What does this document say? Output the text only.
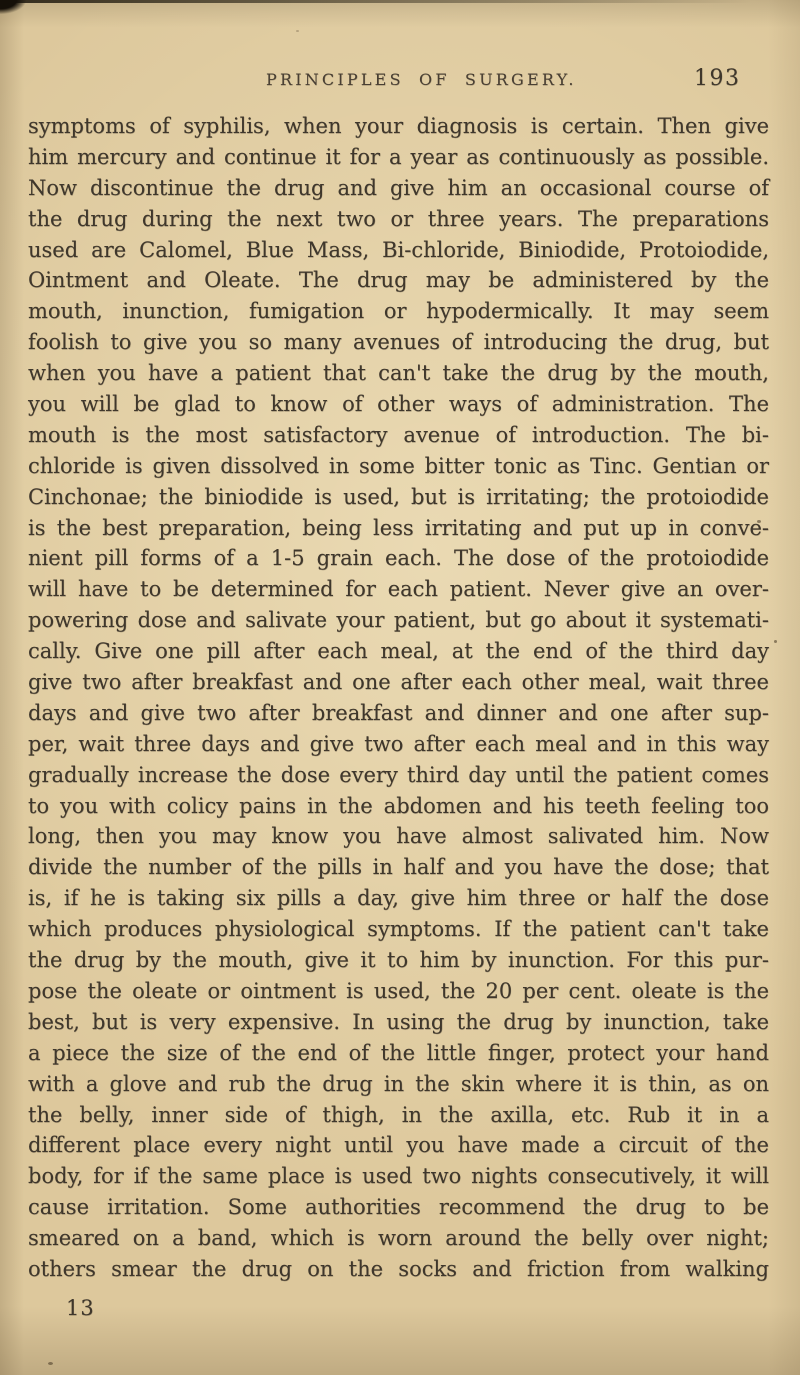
PRINCIPLES OF SURGERY.	193
symptoms of syphilis, when your diagnosis is certain. Then give
him mercury and continue it for a year as continuously as possible.
Now discontinue the drug and give him an occasional course of
the drug during the next two or three years. The preparations
used are Calomel, Blue Mass, Bi-chloride, Biniodide, Protoiodide,
Ointment and Oleate. The drug may be administered by the
mouth, inunction, fumigation or hypodermically. It may seem
foolish to give you so many avenues of introducing the drug, but
when you have a patient that can't take the drug by the mouth,
you will be glad to know of other ways of administration. The
mouth is the most satisfactory avenue of introduction. The bi-
chloride is given dissolved in some bitter tonic as Tinc. Gentian or
Cinchonae; the biniodide is used, but is irritating; the protoiodide
is the best preparation, being less irritating and put up in conve-
nient pill forms of a 1-5 grain each. The dose of the protoiodide
will have to be determined for each patient. Never give an over-
powering dose and salivate your patient, but go about it systemati-
cally. Give one pill after each meal, at the end of the third day
give two after breakfast and one after each other meal, wait three
days and give two after breakfast and dinner and one after sup-
per, wait three days and give two after each meal and in this way
gradually increase the dose every third day until the patient comes
to you with colicy pains in the abdomen and his teeth feeling too
long, then you may know you have almost salivated him. Now
divide the number of the pills in half and you have the dose; that
is, if he is taking six pills a day, give him three or half the dose
which produces physiological symptoms. If the patient can't take
the drug by the mouth, give it to him by inunction. For this pur-
pose the oleate or ointment is used, the 20 per cent. oleate is the
best, but is very expensive. In using the drug by inunction, take
a piece the size of the end of the little finger, protect your hand
with a glove and rub the drug in the skin where it is thin, as on
the belly, inner side of thigh, in the axilla, etc. Rub it in a
different place every night until you have made a circuit of the
body, for if the same place is used two nights consecutively, it will
cause irritation. Some authorities recommend the drug to be
smeared on a band, which is worn around the belly over night;
others smear the drug on the socks and friction from walking
13
